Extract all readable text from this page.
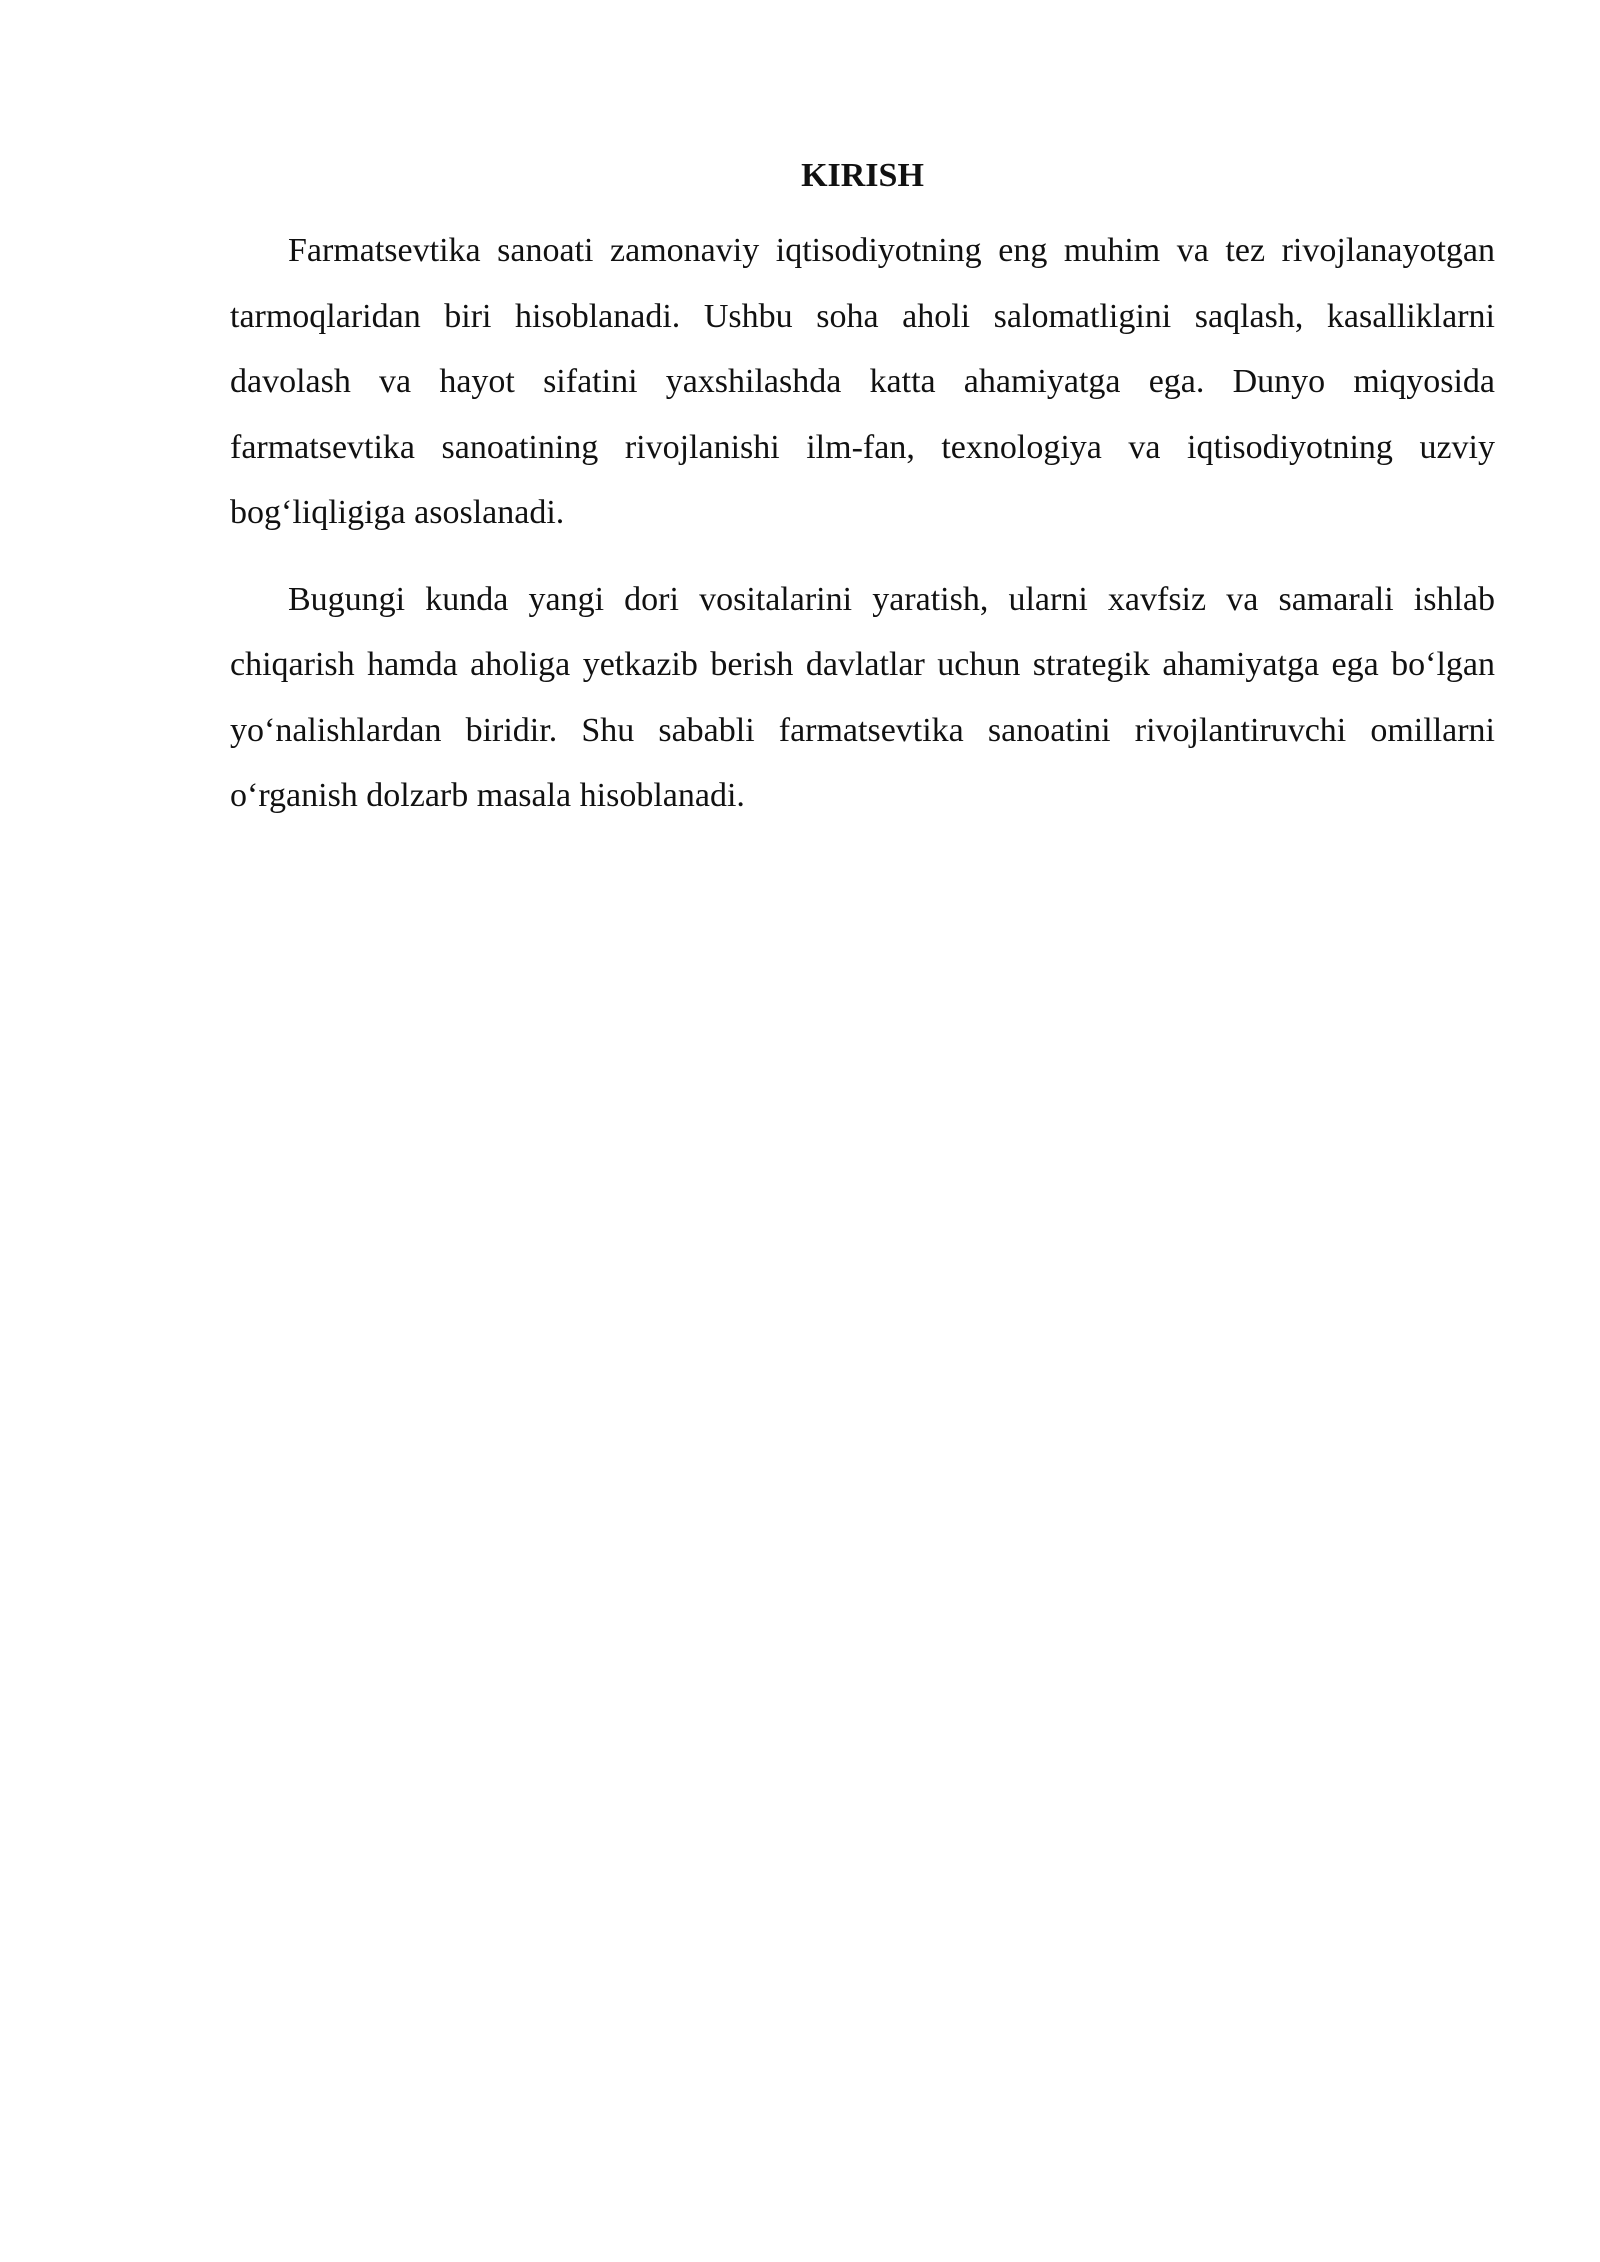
KIRISH

Farmatsevtika sanoati zamonaviy iqtisodiyotning eng muhim va tez rivojlanayotgan tarmoqlaridan biri hisoblanadi. Ushbu soha aholi salomatligini saqlash, kasalliklarni davolash va hayot sifatini yaxshilashda katta ahamiyatga ega. Dunyo miqyosida farmatsevtika sanoatining rivojlanishi ilm-fan, texnologiya va iqtisodiyotning uzviy bog‘liqligiga asoslanadi.

Bugungi kunda yangi dori vositalarini yaratish, ularni xavfsiz va samarali ishlab chiqarish hamda aholiga yetkazib berish davlatlar uchun strategik ahamiyatga ega bo‘lgan yo‘nalishlardan biridir. Shu sababli farmatsevtika sanoatini rivojlantiruvchi omillarni o‘rganish dolzarb masala hisoblanadi.
